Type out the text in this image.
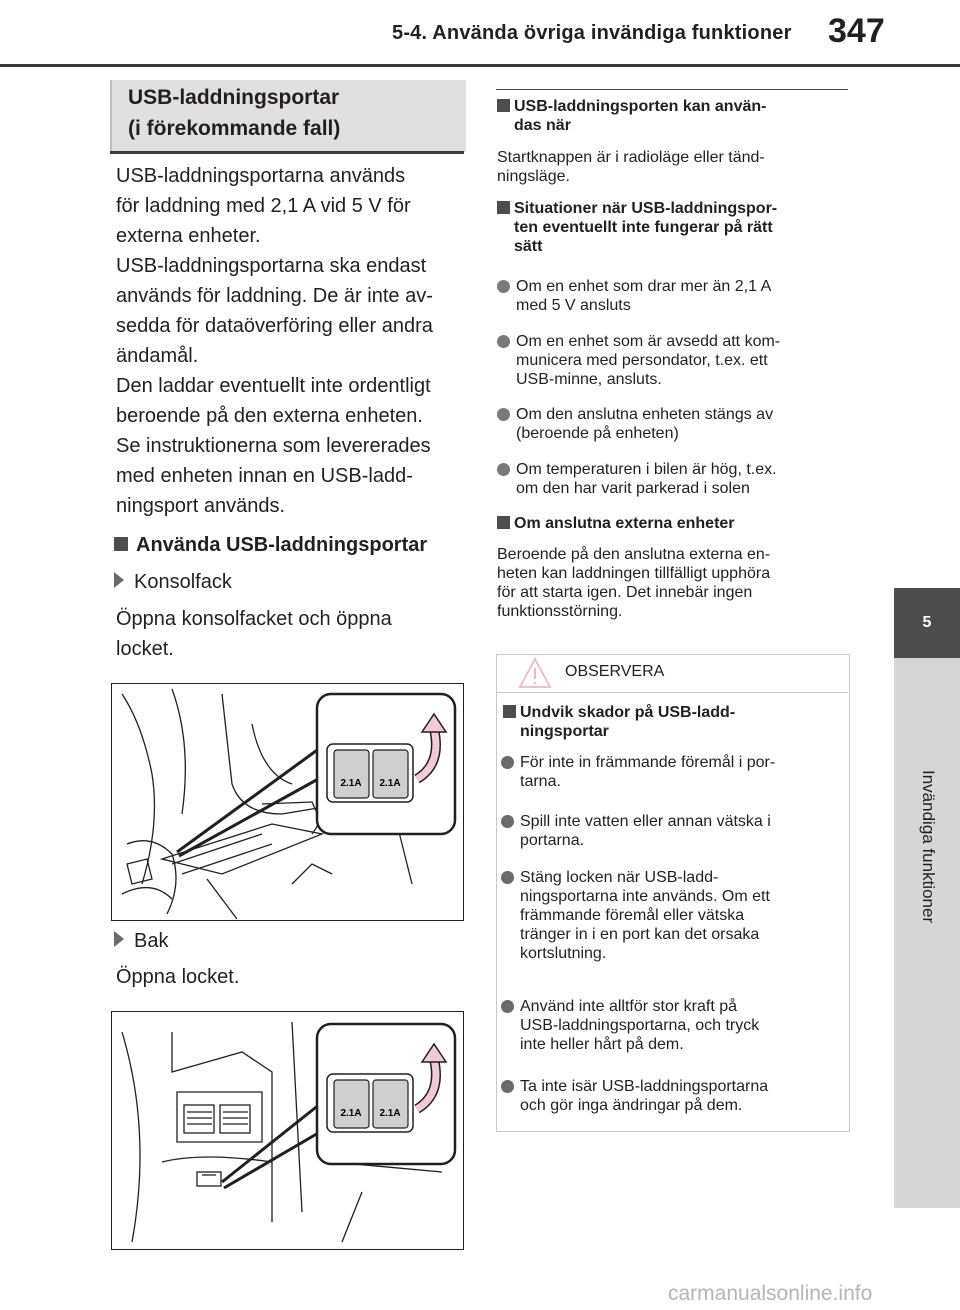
5-4. Använda övriga invändiga funktioner 347
5
Invändiga funktioner
USB-laddningsportar
(i förekommande fall)
USB-laddningsportarna används
för laddning med 2,1 A vid 5 V för
externa enheter.
USB-laddningsportarna ska endast
används för laddning. De är inte av-
sedda för dataöverföring eller andra
ändamål.
Den laddar eventuellt inte ordentligt
beroende på den externa enheten.
Se instruktionerna som levererades
med enheten innan en USB-ladd-
ningsport används.
Använda USB-laddningsportar
Konsolfack
Öppna konsolfacket och öppna
locket.
2.1A 2.1A
Bak
Öppna locket.
2.1A 2.1A
USB-laddningsporten kan använ-
das när
Startknappen är i radioläge eller tänd-
ningsläge.
Situationer när USB-laddningspor-
ten eventuellt inte fungerar på rätt
sätt
Om en enhet som drar mer än 2,1 A
med 5 V ansluts
Om en enhet som är avsedd att kom-
municera med persondator, t.ex. ett
USB-minne, ansluts.
Om den anslutna enheten stängs av
(beroende på enheten)
Om temperaturen i bilen är hög, t.ex.
om den har varit parkerad i solen
Om anslutna externa enheter
Beroende på den anslutna externa en-
heten kan laddningen tillfälligt upphöra
för att starta igen. Det innebär ingen
funktionsstörning.
OBSERVERA
Undvik skador på USB-ladd-
ningsportar
För inte in främmande föremål i por-
tarna.
Spill inte vatten eller annan vätska i
portarna.
Stäng locken när USB-ladd-
ningsportarna inte används. Om ett
främmande föremål eller vätska
tränger in i en port kan det orsaka
kortslutning.
Använd inte alltför stor kraft på
USB-laddningsportarna, och tryck
inte heller hårt på dem.
Ta inte isär USB-laddningsportarna
och gör inga ändringar på dem.
carmanualsonline.info
